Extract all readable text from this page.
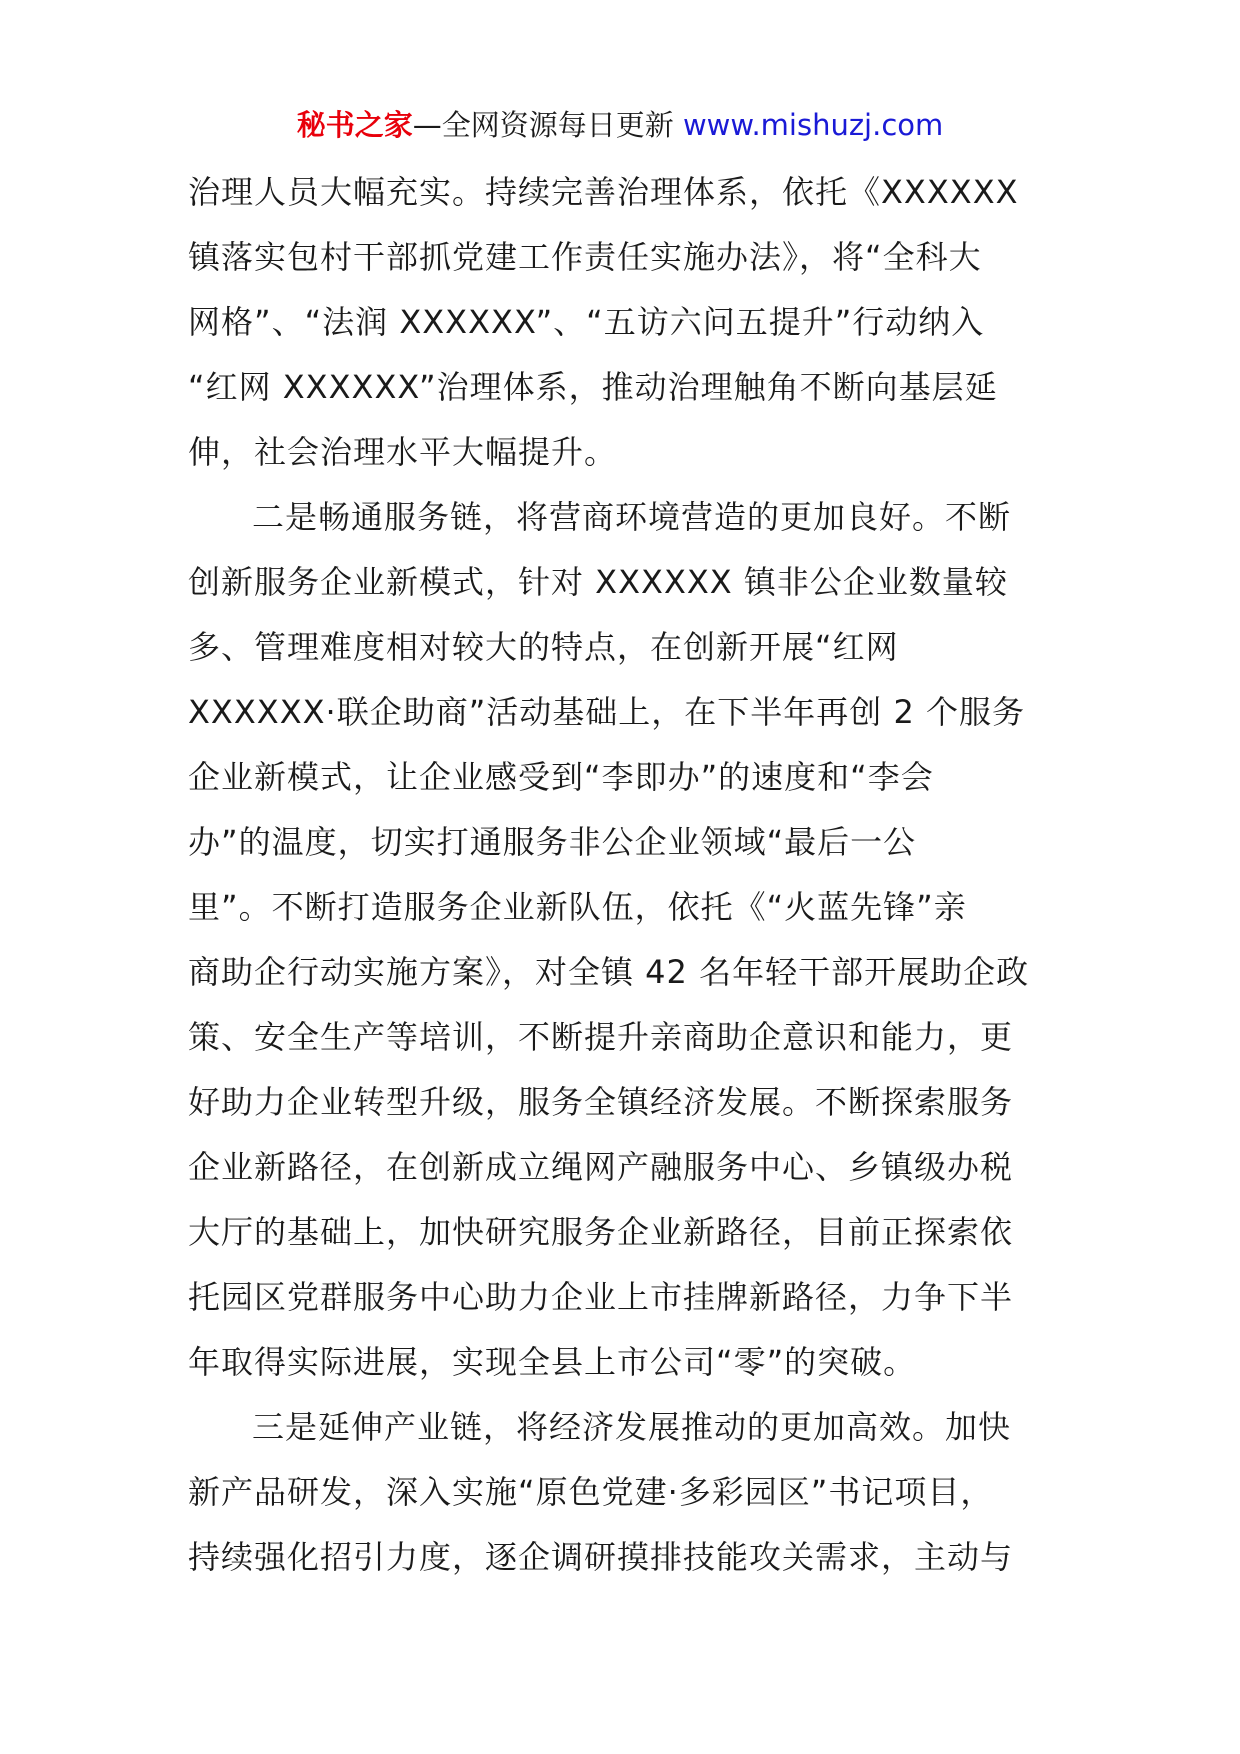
秘书之家—全网资源每日更新 www.mishuzj.com
治理人员大幅充实。持续完善治理体系，依托《XXXXXX
镇落实包村干部抓党建工作责任实施办法》，将“全科大
网格”、“法润 XXXXXX”、“五访六问五提升”行动纳入
“红网 XXXXXX”治理体系，推动治理触角不断向基层延
伸，社会治理水平大幅提升。
二是畅通服务链，将营商环境营造的更加良好。不断
创新服务企业新模式，针对 XXXXXX 镇非公企业数量较
多、管理难度相对较大的特点，在创新开展“红网
XXXXXX·联企助商”活动基础上，在下半年再创 2 个服务
企业新模式，让企业感受到“李即办”的速度和“李会
办”的温度，切实打通服务非公企业领域“最后一公
里”。不断打造服务企业新队伍，依托《“火蓝先锋”亲
商助企行动实施方案》，对全镇 42 名年轻干部开展助企政
策、安全生产等培训，不断提升亲商助企意识和能力，更
好助力企业转型升级，服务全镇经济发展。不断探索服务
企业新路径，在创新成立绳网产融服务中心、乡镇级办税
大厅的基础上，加快研究服务企业新路径，目前正探索依
托园区党群服务中心助力企业上市挂牌新路径，力争下半
年取得实际进展，实现全县上市公司“零”的突破。
三是延伸产业链，将经济发展推动的更加高效。加快
新产品研发，深入实施“原色党建·多彩园区”书记项目，
持续强化招引力度，逐企调研摸排技能攻关需求，主动与
